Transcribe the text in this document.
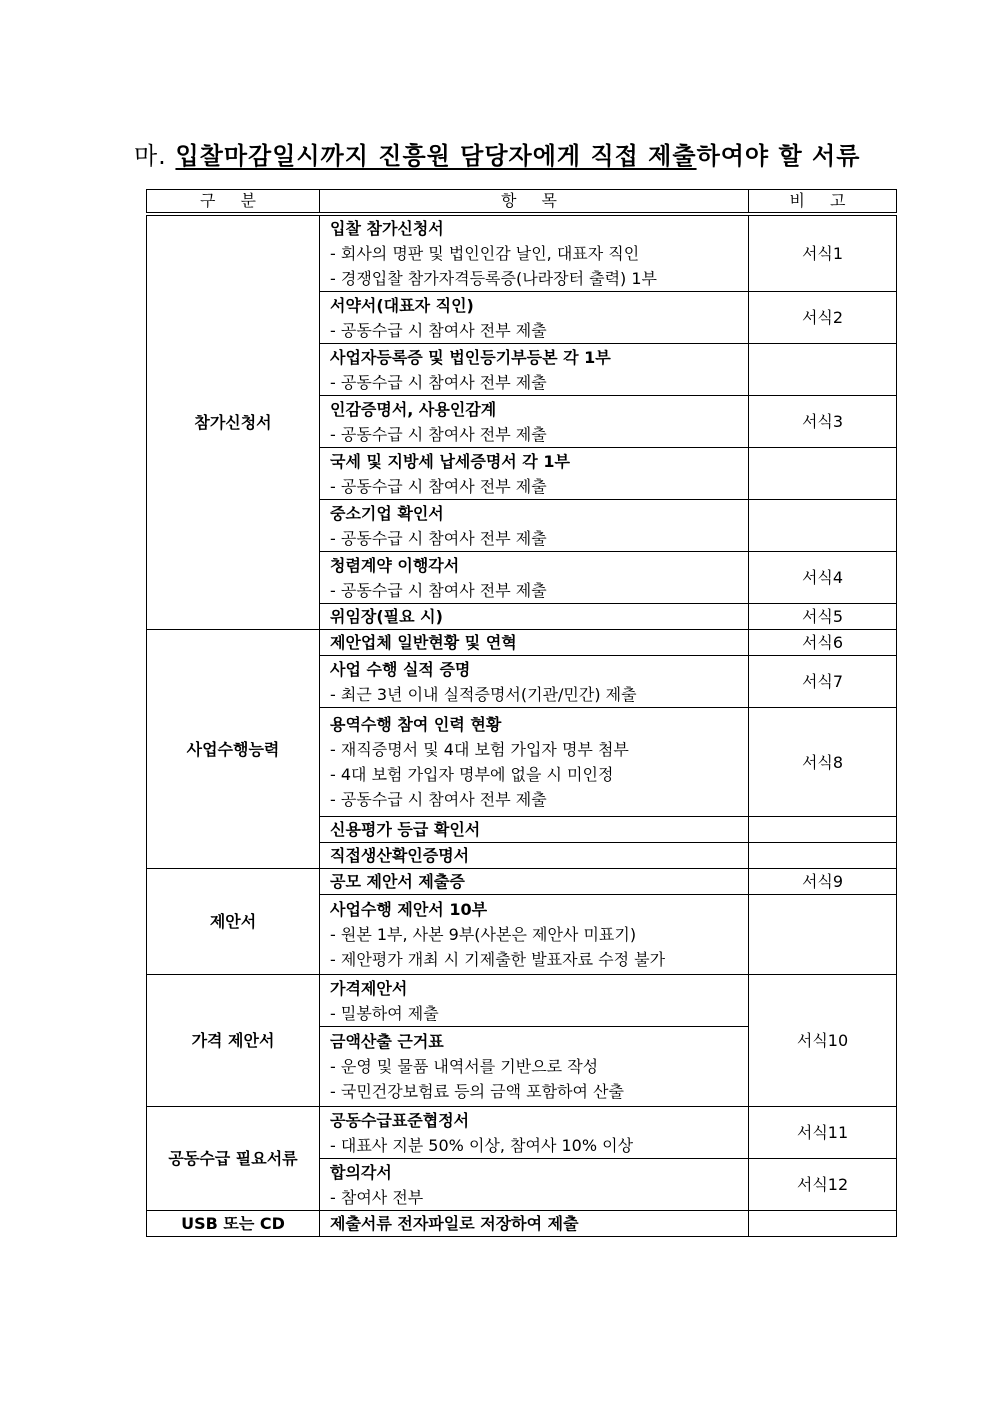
마. 입찰마감일시까지 진흥원 담당자에게 직접 제출하여야 할 서류
구 분	항 목	비 고
참가신청서	입찰 참가신청서
- 회사의 명판 및 법인인감 날인, 대표자 직인
- 경쟁입찰 참가자격등록증(나라장터 출력) 1부	서식1

	서약서(대표자 직인)
- 공동수급 시 참여사 전부 제출	서식2

	사업자등록증 및 법인등기부등본 각 1부
- 공동수급 시 참여사 전부 제출	

	인감증명서, 사용인감계
- 공동수급 시 참여사 전부 제출	서식3

	국세 및 지방세 납세증명서 각 1부
- 공동수급 시 참여사 전부 제출	

	중소기업 확인서
- 공동수급 시 참여사 전부 제출	

	청렴계약 이행각서
- 공동수급 시 참여사 전부 제출	서식4

	위임장(필요 시)	서식5
사업수행능력	제안업체 일반현황 및 연혁	서식6

	사업 수행 실적 증명
- 최근 3년 이내 실적증명서(기관/민간) 제출	서식7

	용역수행 참여 인력 현황
- 재직증명서 및 4대 보험 가입자 명부 첨부
- 4대 보험 가입자 명부에 없을 시 미인정
- 공동수급 시 참여사 전부 제출	서식8

	신용평가 등급 확인서	

	직접생산확인증명서	

제안서	공모 제안서 제출증	서식9

	사업수행 제안서 10부
- 원본 1부, 사본 9부(사본은 제안사 미표기)
- 제안평가 개최 시 기제출한 발표자료 수정 불가	

가격 제안서	가격제안서
- 밀봉하여 제출	서식10

	금액산출 근거표
- 운영 및 물품 내역서를 기반으로 작성
- 국민건강보험료 등의 금액 포함하여 산출	

공동수급 필요서류	공동수급표준협정서
- 대표사 지분 50% 이상, 참여사 10% 이상	서식11

	합의각서
- 참여사 전부	서식12
USB 또는 CD	제출서류 전자파일로 저장하여 제출	
